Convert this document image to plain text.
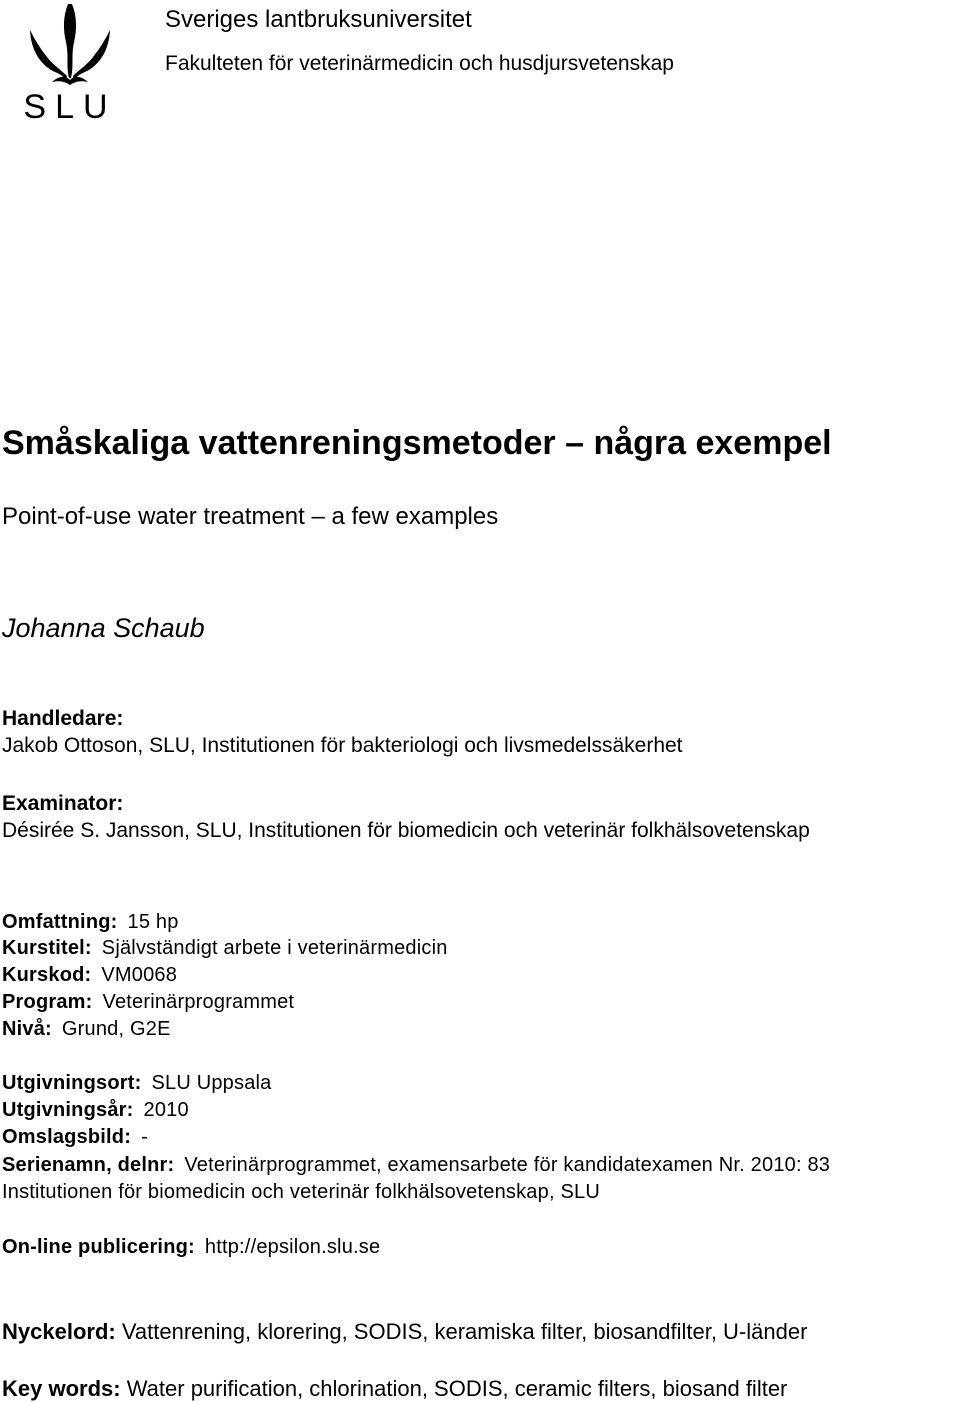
SLU
Sveriges lantbruksuniversitet
Fakulteten för veterinärmedicin och husdjursvetenskap
Småskaliga vattenreningsmetoder – några exempel
Point-of-use water treatment – a few examples
Johanna Schaub
Handledare:
Jakob Ottoson, SLU, Institutionen för bakteriologi och livsmedelssäkerhet
Examinator:
Désirée S. Jansson, SLU, Institutionen för biomedicin och veterinär folkhälsovetenskap
Omfattning: 15 hp
Kurstitel: Självständigt arbete i veterinärmedicin
Kurskod: VM0068
Program: Veterinärprogrammet
Nivå: Grund, G2E
Utgivningsort: SLU Uppsala
Utgivningsår: 2010
Omslagsbild: -
Serienamn, delnr: Veterinärprogrammet, examensarbete för kandidatexamen Nr. 2010: 83
Institutionen för biomedicin och veterinär folkhälsovetenskap, SLU
On-line publicering: http://epsilon.slu.se
Nyckelord: Vattenrening, klorering, SODIS, keramiska filter, biosandfilter, U-länder
Key words: Water purification, chlorination, SODIS, ceramic filters, biosand filter
